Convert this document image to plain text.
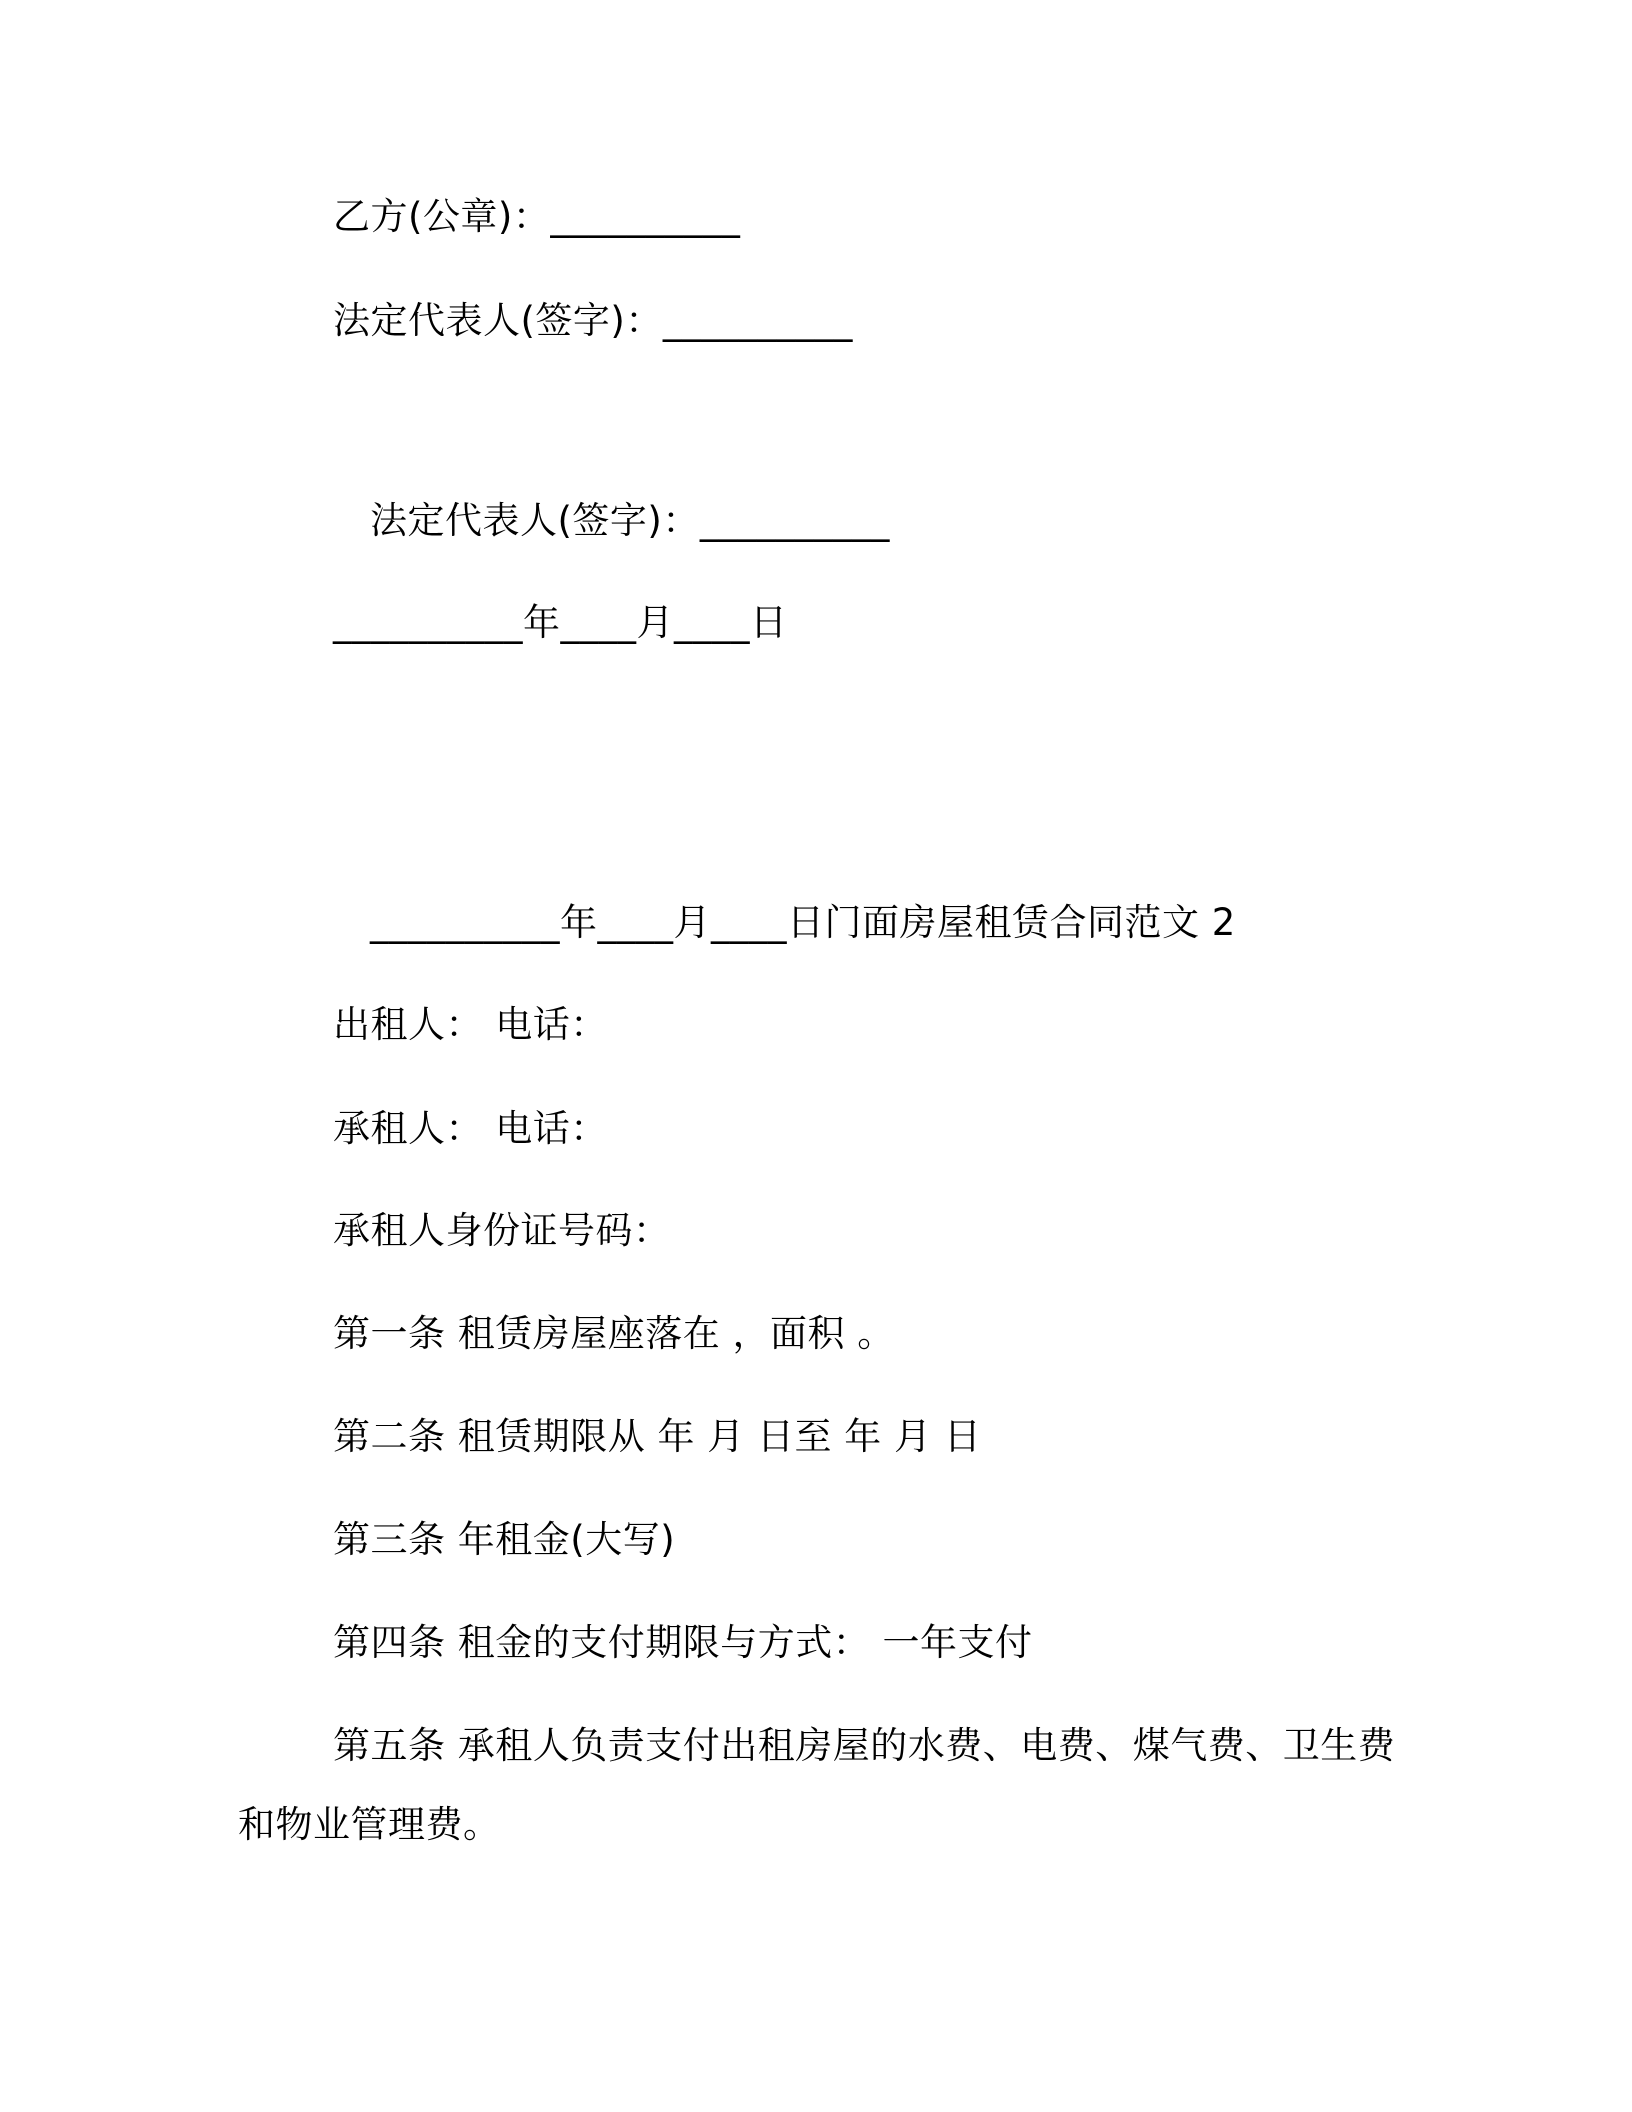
乙方(公章)：__________
法定代表人(签字)：__________
法定代表人(签字)：__________
__________年____月____日
__________年____月____日门面房屋租赁合同范文 2
出租人： 电话：
承租人： 电话：
承租人身份证号码：
第一条 租赁房屋座落在 ，面积 。
第二条 租赁期限从 年 月 日至 年 月 日
第三条 年租金(大写)
第四条 租金的支付期限与方式： 一年支付
第五条 承租人负责支付出租房屋的水费、电费、煤气费、卫生费
和物业管理费。
